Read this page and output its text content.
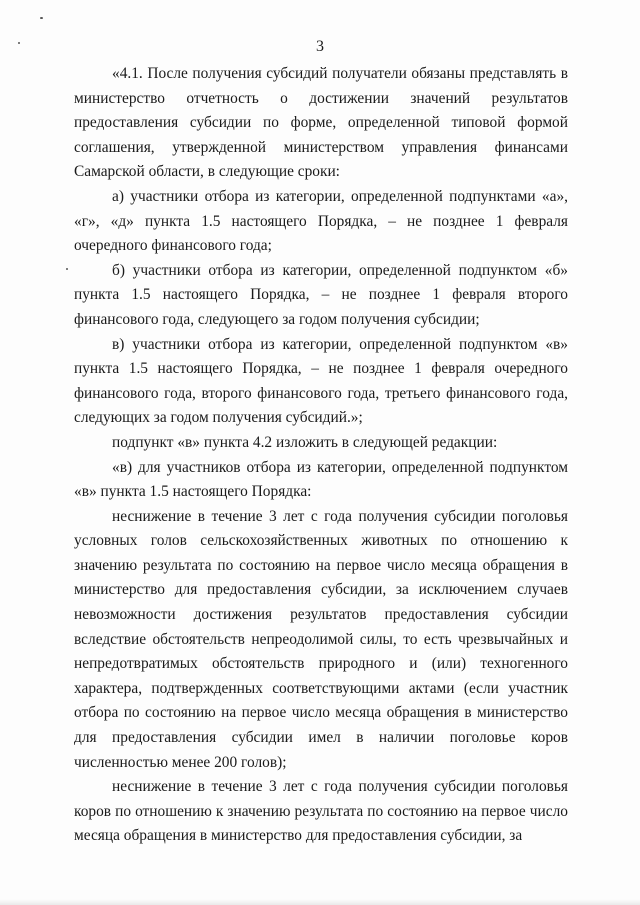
3

«4.1. После получения субсидий получатели обязаны представлять в министерство отчетность о достижении значений результатов предоставления субсидии по форме, определенной типовой формой соглашения, утвержденной министерством управления финансами Самарской области, в следующие сроки:

а) участники отбора из категории, определенной подпунктами «а», «г», «д» пункта 1.5 настоящего Порядка, – не позднее 1 февраля очередного финансового года;

б) участники отбора из категории, определенной подпунктом «б» пункта 1.5 настоящего Порядка, – не позднее 1 февраля второго финансового года, следующего за годом получения субсидии;

в) участники отбора из категории, определенной подпунктом «в» пункта 1.5 настоящего Порядка, – не позднее 1 февраля очередного финансового года, второго финансового года, третьего финансового года, следующих за годом получения субсидий.»;

подпункт «в» пункта 4.2 изложить в следующей редакции:

«в) для участников отбора из категории, определенной подпунктом «в» пункта 1.5 настоящего Порядка:

неснижение в течение 3 лет с года получения субсидии поголовья условных голов сельскохозяйственных животных по отношению к значению результата по состоянию на первое число месяца обращения в министерство для предоставления субсидии, за исключением случаев невозможности достижения результатов предоставления субсидии вследствие обстоятельств непреодолимой силы, то есть чрезвычайных и непредотвратимых обстоятельств природного и (или) техногенного характера, подтвержденных соответствующими актами (если участник отбора по состоянию на первое число месяца обращения в министерство для предоставления субсидии имел в наличии поголовье коров численностью менее 200 голов);

неснижение в течение 3 лет с года получения субсидии поголовья коров по отношению к значению результата по состоянию на первое число месяца обращения в министерство для предоставления субсидии, за
